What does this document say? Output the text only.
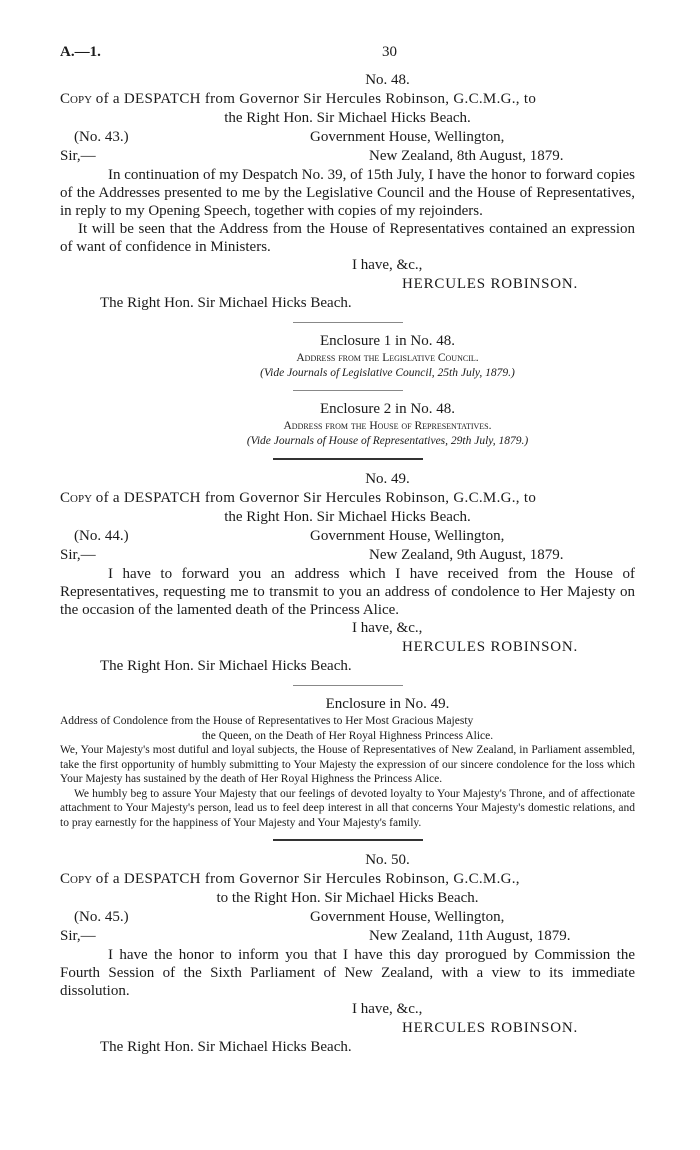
A.—1.	30
No. 48.
Copy of a DESPATCH from Governor Sir Hercules Robinson, G.C.M.G., to
the Right Hon. Sir Michael Hicks Beach.
(No. 43.)	Government House, Wellington,
Sir,—	New Zealand, 8th August, 1879.

In continuation of my Despatch No. 39, of 15th July, I have the honor to forward copies of the Addresses presented to me by the Legislative Council and the House of Representatives, in reply to my Opening Speech, together with copies of my rejoinders.

It will be seen that the Address from the House of Representatives contained an expression of want of confidence in Ministers.

I have, &c.,
HERCULES ROBINSON.
The Right Hon. Sir Michael Hicks Beach.
Enclosure 1 in No. 48.
Address from the Legislative Council.
(Vide Journals of Legislative Council, 25th July, 1879.)
Enclosure 2 in No. 48.
Address from the House of Representatives.
(Vide Journals of House of Representatives, 29th July, 1879.)
No. 49.
Copy of a DESPATCH from Governor Sir Hercules Robinson, G.C.M.G., to
the Right Hon. Sir Michael Hicks Beach.
(No. 44.)	Government House, Wellington,
Sir,—	New Zealand, 9th August, 1879.

I have to forward you an address which I have received from the House of Representatives, requesting me to transmit to you an address of condolence to Her Majesty on the occasion of the lamented death of the Princess Alice.

I have, &c.,
HERCULES ROBINSON.
The Right Hon. Sir Michael Hicks Beach.
Enclosure in No. 49.
Address of Condolence from the House of Representatives to Her Most Gracious Majesty
the Queen, on the Death of Her Royal Highness Princess Alice.

We, Your Majesty's most dutiful and loyal subjects, the House of Representatives of New Zealand, in Parliament assembled, take the first opportunity of humbly submitting to Your Majesty the expression of our sincere condolence for the loss which Your Majesty has sustained by the death of Her Royal Highness the Princess Alice.

We humbly beg to assure Your Majesty that our feelings of devoted loyalty to Your Majesty's Throne, and of affectionate attachment to Your Majesty's person, lead us to feel deep interest in all that concerns Your Majesty's domestic relations, and to pray earnestly for the happiness of Your Majesty and Your Majesty's family.

No. 50.
Copy of a DESPATCH from Governor Sir Hercules Robinson, G.C.M.G.,
to the Right Hon. Sir Michael Hicks Beach.
(No. 45.)	Government House, Wellington,
Sir,—	New Zealand, 11th August, 1879.

I have the honor to inform you that I have this day prorogued by Commission the Fourth Session of the Sixth Parliament of New Zealand, with a view to its immediate dissolution.

I have, &c.,
HERCULES ROBINSON.
The Right Hon. Sir Michael Hicks Beach.
